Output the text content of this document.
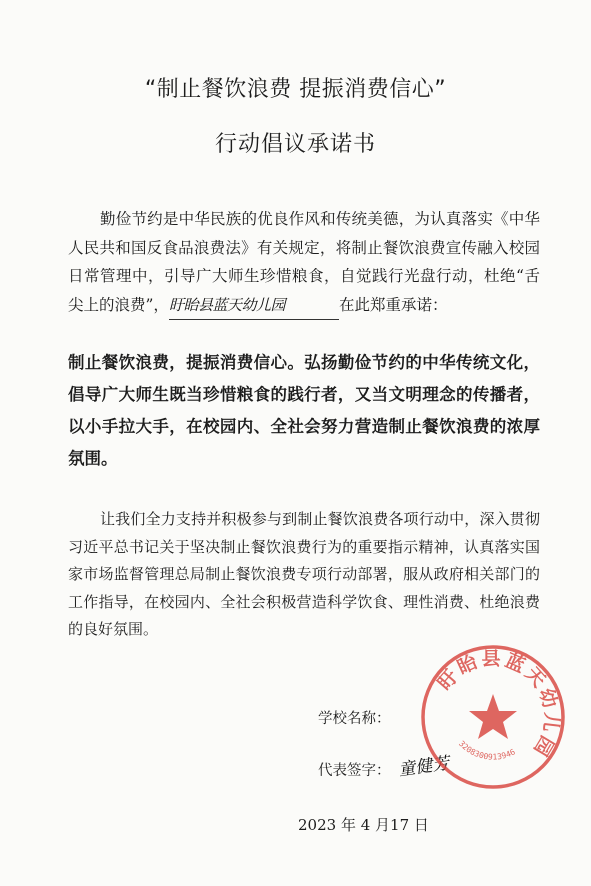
“制止餐饮浪费 提振消费信心”
行动倡议承诺书

勤俭节约是中华民族的优良作风和传统美德，为认真落实《中华人民共和国反食品浪费法》有关规定，将制止餐饮浪费宣传融入校园日常管理中，引导广大师生珍惜粮食，自觉践行光盘行动，杜绝“舌尖上的浪费”，盱眙县蓝天幼儿园	在此郑重承诺：

制止餐饮浪费，提振消费信心。弘扬勤俭节约的中华传统文化，倡导广大师生既当珍惜粮食的践行者，又当文明理念的传播者，以小手拉大手，在校园内、全社会努力营造制止餐饮浪费的浓厚氛围。

让我们全力支持并积极参与到制止餐饮浪费各项行动中，深入贯彻习近平总书记关于坚决制止餐饮浪费行为的重要指示精神，认真落实国家市场监督管理总局制止餐饮浪费专项行动部署，服从政府相关部门的工作指导，在校园内、全社会积极营造科学饮食、理性消费、杜绝浪费的良好氛围。

学校名称：
代表签字： 童健芳
2023 年 4 月17 日
盱眙县蓝天幼儿园
3208300913946
